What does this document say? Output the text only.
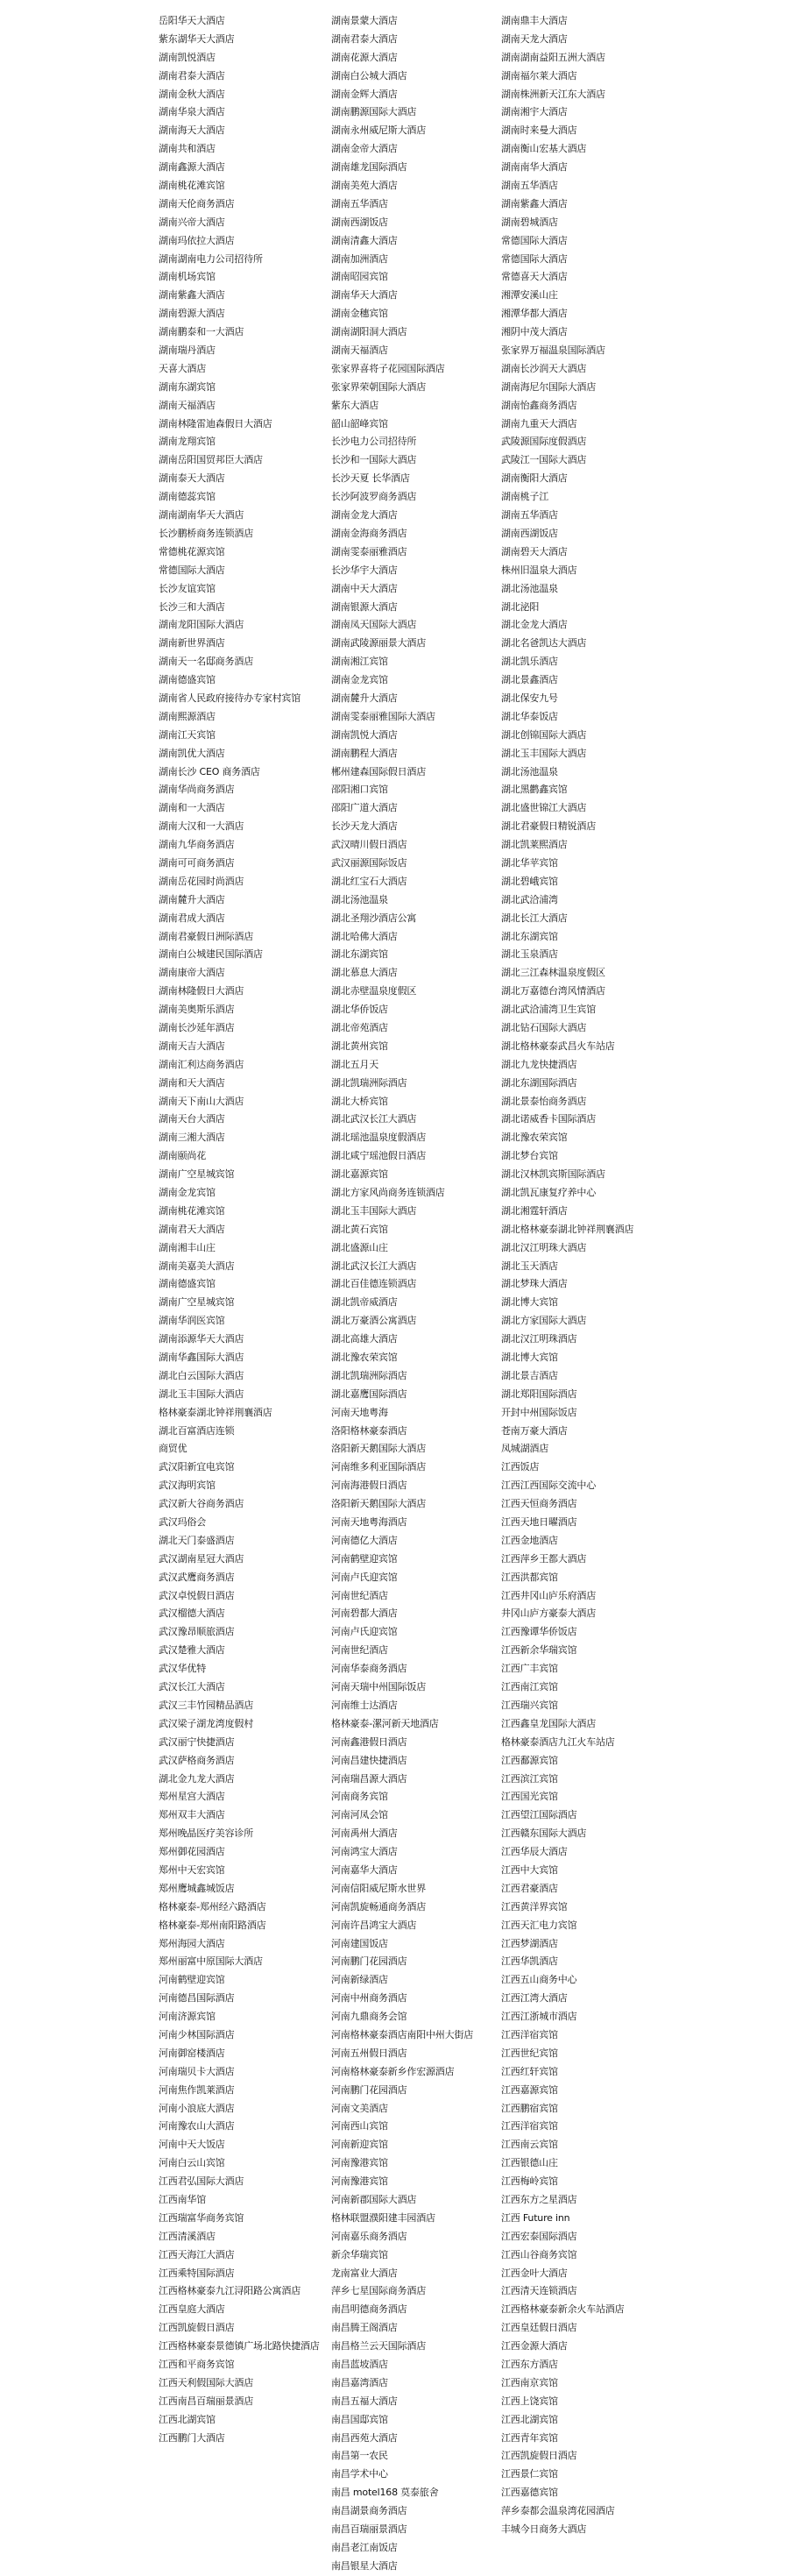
岳阳华天大酒店
紫东湖华天大酒店
湖南凯悦酒店
湖南君泰大酒店
湖南金秋大酒店
湖南华泉大酒店
湖南海天大酒店
湖南共和酒店
湖南鑫源大酒店
湖南桃花滩宾馆
湖南天伦商务酒店
湖南兴帝大酒店
湖南玛依拉大酒店
湖南湖南电力公司招待所
湖南机场宾馆
湖南紫鑫大酒店
湖南碧源大酒店
湖南鹏泰和一大酒店
湖南瑞丹酒店
天喜大酒店
湖南东湖宾馆
湖南天福酒店
湖南林隆雷迪森假日大酒店
湖南龙翔宾馆
湖南岳阳国贸邦臣大酒店
湖南泰天大酒店
湖南德蕊宾馆
湖南湖南华天大酒店
长沙鹏桥商务连锁酒店
常德桃花源宾馆
常德国际大酒店
长沙友谊宾馆
长沙三和大酒店
湖南龙阳国际大酒店
湖南新世界酒店
湖南天一名邸商务酒店
湖南德盛宾馆
湖南省人民政府接待办专家村宾馆
湖南熙源酒店
湖南江天宾馆
湖南凯优大酒店
湖南长沙 CEO 商务酒店
湖南华尚商务酒店
湖南和一大酒店
湖南大汉和一大酒店
湖南九华商务酒店
湖南可可商务酒店
湖南岳花园时尚酒店
湖南麓升大酒店
湖南君成大酒店
湖南君豪假日洲际酒店
湖南白公城建民国际酒店
湖南康帝大酒店
湖南林隆假日大酒店
湖南美奥斯乐酒店
湖南长沙延年酒店
湖南天吉大酒店
湖南汇利达商务酒店
湖南和天大酒店
湖南天下南山大酒店
湖南天台大酒店
湖南三湘大酒店
湖南颐尚花
湖南广空星城宾馆
湖南金龙宾馆
湖南桃花滩宾馆
湖南君天大酒店
湖南湘丰山庄
湖南美嘉美大酒店
湖南德盛宾馆
湖南广空星城宾馆
湖南华润医宾馆
湖南添源华天大酒店
湖南华鑫国际大酒店
湖北白云国际大酒店
湖北玉丰国际大酒店
格林豪泰湖北钟祥荆襄酒店
湖北百富酒店连锁
商贸优
武汉阳新宜电宾馆
武汉海明宾馆
武汉新大谷商务酒店
武汉玛俗会
湖北天门泰盛酒店
武汉湖南星冠大酒店
武汉武鹰商务酒店
武汉卓悦假日酒店
武汉榴德大酒店
武汉豫昂顺旅酒店
武汉楚雅大酒店
武汉华优特
武汉长江大酒店
武汉三丰竹园精品酒店
武汉梁子湖龙湾度假村
武汉丽宁快捷酒店
武汉萨格商务酒店
湖北金九龙大酒店
郑州星宫大酒店
郑州双丰大酒店
郑州晚晶医疗美容诊所
郑州御花园酒店
郑州中天宏宾馆
郑州鹰城鑫城饭店
格林豪泰-郑州经六路酒店
格林豪泰-郑州南阳路酒店
郑州海园大酒店
郑州丽富中原国际大酒店
河南鹤壁迎宾馆
河南德昌国际酒店
河南济源宾馆
河南少林国际酒店
河南御窑楼酒店
河南瑞贝卡大酒店
河南焦作凯莱酒店
河南小浪底大酒店
河南豫农山大酒店
河南中天大饭店
河南白云山宾馆
江西君弘国际大酒店
江西南华馆
江西瑞富华商务宾馆
江西清溪酒店
江西天海江大酒店
江西乘特国际酒店
江西格林豪泰九江浔阳路公寓酒店
江西皇庭大酒店
江西凯旋假日酒店
江西格林豪泰景德镇广场北路快捷酒店
江西和平商务宾馆
江西天利假国际大酒店
江西南昌百瑞丽景酒店
江西北湖宾馆
江西鹏门大酒店
湖南景蒙大酒店
湖南君泰大酒店
湖南花源大酒店
湖南白公城大酒店
湖南金辉大酒店
湖南鹏源国际大酒店
湖南永州威尼斯大酒店
湖南金帝大酒店
湖南雄龙国际酒店
湖南美苑大酒店
湖南五华酒店
湖南西湖饭店
湖南清鑫大酒店
湖南加洲酒店
湖南昭园宾馆
湖南华天大酒店
湖南金穗宾馆
湖南湖阳洞大酒店
湖南天福酒店
张家界喜将子花园国际酒店
张家界荣朝国际大酒店
紫东大酒店
韶山韶峰宾馆
长沙电力公司招待所
长沙和一国际大酒店
长沙天夏 长华酒店
长沙阿波罗商务酒店
湖南金龙大酒店
湖南金海商务酒店
湖南雯泰丽雅酒店
长沙华宇大酒店
湖南中天大酒店
湖南银源大酒店
湖南凤天国际大酒店
湖南武陵源丽景大酒店
湖南湘江宾馆
湖南金龙宾馆
湖南麓升大酒店
湖南雯泰丽雅国际大酒店
湖南凯悦大酒店
湖南鹏程大酒店
郴州建森国际假日酒店
邵阳湘口宾馆
邵阳广道大酒店
长沙天龙大酒店
武汉晴川假日酒店
武汉丽源国际饭店
湖北红宝石大酒店
湖北汤池温泉
湖北圣翔沙酒店公寓
湖北哈佛大酒店
湖北东湖宾馆
湖北慕息大酒店
湖北赤壁温泉度假区
湖北华侨饭店
湖北帝苑酒店
湖北黄州宾馆
湖北五月天
湖北凯瑞洲际酒店
湖北大桥宾馆
湖北武汉长江大酒店
湖北瑶池温泉度假酒店
湖北咸宁瑶池假日酒店
湖北嘉源宾馆
湖北方家风尚商务连锁酒店
湖北玉丰国际大酒店
湖北黄石宾馆
湖北盛源山庄
湖北武汉长江大酒店
湖北百佳德连锁酒店
湖北凯帝威酒店
湖北万豪酒公寓酒店
湖北高雄大酒店
湖北豫农荣宾馆
湖北凯瑞洲际酒店
湖北嘉鹰国际酒店
河南天地粤海
洛阳格林豪泰酒店
洛阳新天鹅国际大酒店
河南维多利亚国际酒店
河南海港假日酒店
洛阳新天鹅国际大酒店
河南天地粤海酒店
河南德亿大酒店
河南鹤壁迎宾馆
河南卢氏迎宾馆
河南世纪酒店
河南碧都大酒店
河南卢氏迎宾馆
河南世纪酒店
河南华泰商务酒店
河南天瑞中州国际饭店
河南维士达酒店
格林豪泰-漯河新天地酒店
河南鑫港假日酒店
河南昌建快捷酒店
河南瑞昌源大酒店
河南商务宾馆
河南河凤会馆
河南禹州大酒店
河南鸿宝大酒店
河南嘉华大酒店
河南信阳威尼斯水世界
河南凯旋畅通商务酒店
河南许昌鸿宝大酒店
河南建国饭店
河南鹏门花园酒店
河南新绿酒店
河南中州商务酒店
河南九鼎商务会馆
河南格林豪泰酒店南阳中州大街店
河南五州假日酒店
河南格林豪泰新乡作宏源酒店
河南鹏门花园酒店
河南文美酒店
河南西山宾馆
河南新迎宾馆
河南豫港宾馆
河南豫港宾馆
河南新郡国际大酒店
格林联盟濮阳建丰园酒店
河南嘉乐商务酒店
新余华瑞宾馆
龙南富业大酒店
萍乡七星国际商务酒店
南昌明德商务酒店
南昌腾王阁酒店
南昌格兰云天国际酒店
南昌蓝坡酒店
南昌嘉湾酒店
南昌五福大酒店
南昌国邸宾馆
南昌西苑大酒店
南昌第一农民
南昌学术中心
南昌 motel168 莫泰旅舍
南昌湖景商务酒店
南昌百瑞丽景酒店
南昌老江南饭店
南昌银星大酒店
湖南鼎丰大酒店
湖南天龙大酒店
湖南湖南益阳五洲大酒店
湖南福尔莱大酒店
湖南株洲新天江东大酒店
湖南湘宇大酒店
湖南时来曼大酒店
湖南衡山宏基大酒店
湖南南华大酒店
湖南五华酒店
湖南紫鑫大酒店
湖南碧城酒店
常德国际大酒店
常德国际大酒店
常德喜天大酒店
湘潭安溪山庄
湘潭华都大酒店
湘阴中茂大酒店
张家界万福温泉国际酒店
湖南长沙润天大酒店
湖南海尼尔国际大酒店
湖南怡鑫商务酒店
湖南九重天大酒店
武陵源国际度假酒店
武陵江一国际大酒店
湖南衡阳大酒店
湖南桃子江
湖南五华酒店
湖南西湖饭店
湖南碧天大酒店
株州旧温泉大酒店
湖北汤池温泉
湖北泌阳
湖北金龙大酒店
湖北名爸凯达大酒店
湖北凯乐酒店
湖北景鑫酒店
湖北保安九号
湖北华泰饭店
湖北创锦国际大酒店
湖北玉丰国际大酒店
湖北汤池温泉
湖北黑鹳鑫宾馆
湖北盛世锦江大酒店
湖北君豪假日精锐酒店
湖北凯莱熙酒店
湖北华苹宾馆
湖北碧峨宾馆
湖北武洽浦湾
湖北长江大酒店
湖北东湖宾馆
湖北玉泉酒店
湖北三江森林温泉度假区
湖北万嘉德台湾风情酒店
湖北武洽浦湾卫生宾馆
湖北钻石国际大酒店
湖北格林豪泰武昌火车站店
湖北九龙快捷酒店
湖北东湖国际酒店
湖北景泰怡商务酒店
湖北诺威香卡国际酒店
湖北豫农荣宾馆
湖北梦台宾馆
湖北汉林凯宾斯国际酒店
湖北凯瓦康复疗养中心
湖北湘霆轩酒店
湖北格林豪泰湖北钟祥荆襄酒店
湖北汉江明珠大酒店
湖北玉天酒店
湖北梦珠大酒店
湖北博大宾馆
湖北方家国际大酒店
湖北汉江明珠酒店
湖北博大宾馆
湖北景吉酒店
湖北郑阳国际酒店
开封中州国际饭店
苍南万豪大酒店
凤城湖酒店
江西饭店
江西江西国际交流中心
江西天恒商务酒店
江西天地日曜酒店
江西金地酒店
江西萍乡王都大酒店
江西洪都宾馆
江西井冈山庐乐府酒店
井冈山庐方豪泰大酒店
江西豫谭华侨饭店
江西新余华瑞宾馆
江西广丰宾馆
江西南江宾馆
江西瑞兴宾馆
江西鑫皇龙国际大酒店
格林豪泰酒店九江火车站店
江西鄱源宾馆
江西滨江宾馆
江西国光宾馆
江西望江国际酒店
江西赣东国际大酒店
江西华辰大酒店
江西中大宾馆
江西君豪酒店
江西黄洋界宾馆
江西天汇电力宾馆
江西梦湖酒店
江西华凯酒店
江西五山商务中心
江西江湾大酒店
江西江浙城市酒店
江西洋宿宾馆
江西世纪宾馆
江西红轩宾馆
江西嘉源宾馆
江西鹏宿宾馆
江西洋宿宾馆
江西南云宾馆
江西银德山庄
江西梅岭宾馆
江西东方之星酒店
江西 Future inn
江西宏泰国际酒店
江西山谷商务宾馆
江西金叶大酒店
江西清天连锁酒店
江西格林豪泰新余火车站酒店
江西皇廷假日酒店
江西金源大酒店
江西东方酒店
江西南京宾馆
江西上饶宾馆
江西北湖宾馆
江西青年宾馆
江西凯旋假日酒店
江西景仁宾馆
江西嘉德宾馆
萍乡泰都会温泉湾花园酒店
丰城今日商务大酒店
